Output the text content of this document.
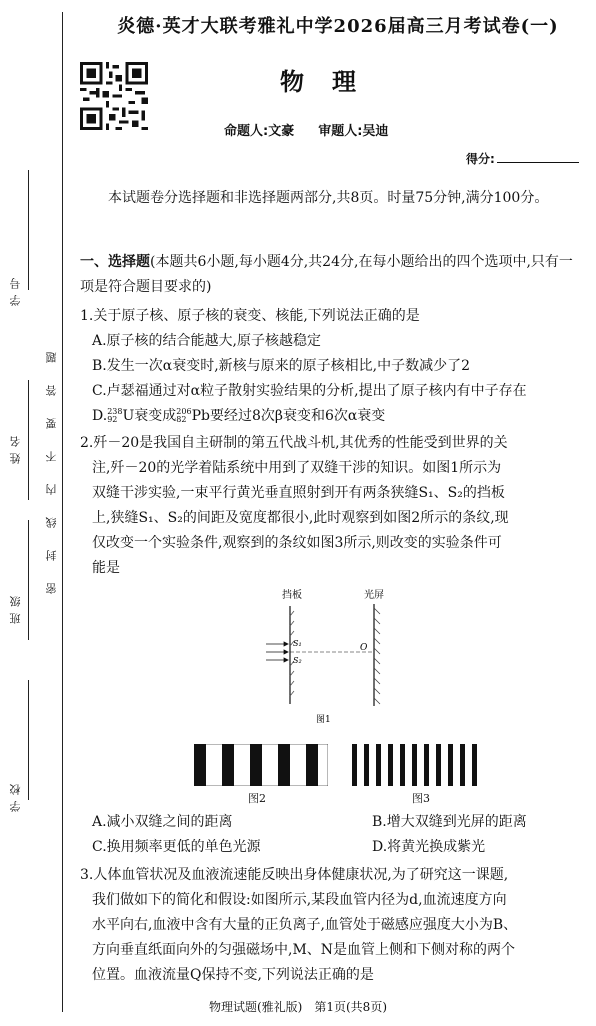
学号
姓名
班级
学校
密封线内不要答题
炎德·英才大联考雅礼中学2026届高三月考试卷(一)
物理
命题人:文豪 审题人:吴迪
得分:
本试题卷分选择题和非选择题两部分,共8页。时量75分钟,满分100分。
一、选择题(本题共6小题,每小题4分,共24分,在每小题给出的四个选项中,只有一项是符合题目要求的)
1.关于原子核、原子核的衰变、核能,下列说法正确的是
A.原子核的结合能越大,原子核越稳定
B.发生一次α衰变时,新核与原来的原子核相比,中子数减少了2
C.卢瑟福通过对α粒子散射实验结果的分析,提出了原子核内有中子存在
D. 238
92 U衰变成 206
82 Pb要经过8次β衰变和6次α衰变
2.歼－20是我国自主研制的第五代战斗机,其优秀的性能受到世界的关
注,歼－20的光学着陆系统中用到了双缝干涉的知识。如图1所示为
双缝干涉实验,一束平行黄光垂直照射到开有两条狭缝S₁、S₂的挡板
上,狭缝S₁、S₂的间距及宽度都很小,此时观察到如图2所示的条纹,现
仅改变一个实验条件,观察到的条纹如图3所示,则改变的实验条件可
能是
挡板	光屏
S₁
S₂
O
图1
图2	图3
A.减小双缝之间的距离	B.增大双缝到光屏的距离
C.换用频率更低的单色光源	D.将黄光换成紫光
3.人体血管状况及血液流速能反映出身体健康状况,为了研究这一课题,
我们做如下的简化和假设:如图所示,某段血管内径为d,血流速度方向
水平向右,血液中含有大量的正负离子,血管处于磁感应强度大小为B、
方向垂直纸面向外的匀强磁场中,M、N是血管上侧和下侧对称的两个
位置。血液流量Q保持不变,下列说法正确的是
物理试题(雅礼版)　第1页(共8页)
